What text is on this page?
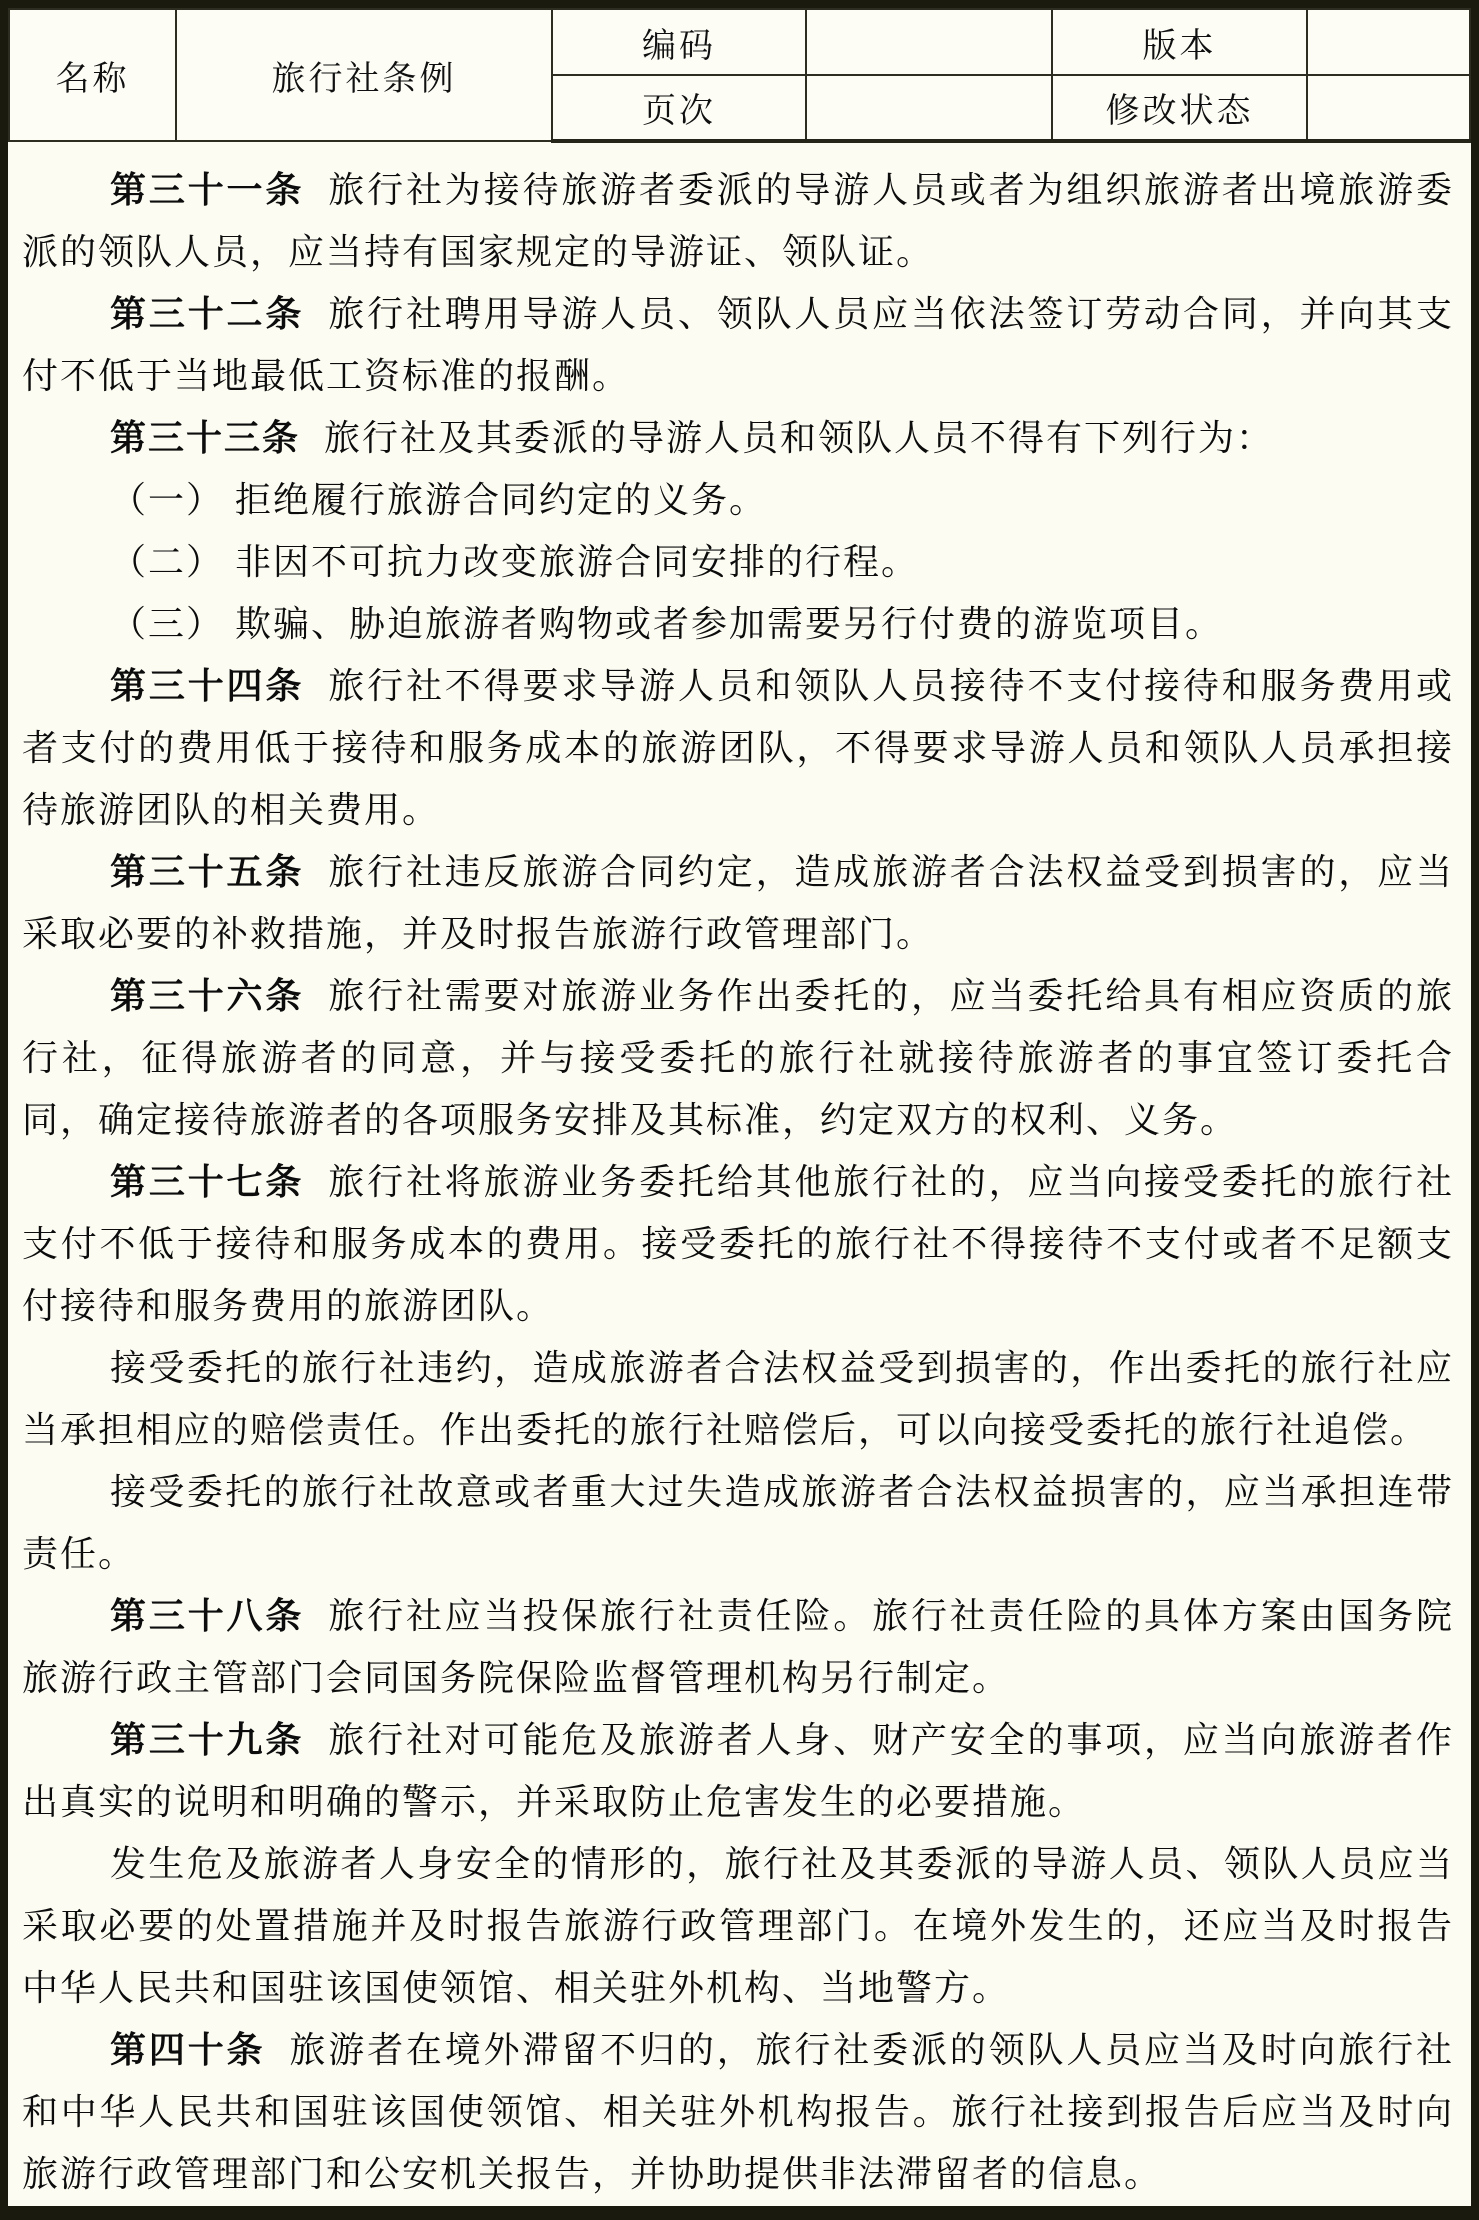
名称	旅行社条例	编码		版本	
		页次		修改状态	

第三十一条 旅行社为接待旅游者委派的导游人员或者为组织旅游者出境旅游委派的领队人员，应当持有国家规定的导游证、领队证。

第三十二条 旅行社聘用导游人员、领队人员应当依法签订劳动合同，并向其支付不低于当地最低工资标准的报酬。

第三十三条 旅行社及其委派的导游人员和领队人员不得有下列行为：

（一） 拒绝履行旅游合同约定的义务。

（二） 非因不可抗力改变旅游合同安排的行程。

（三） 欺骗、胁迫旅游者购物或者参加需要另行付费的游览项目。

第三十四条 旅行社不得要求导游人员和领队人员接待不支付接待和服务费用或者支付的费用低于接待和服务成本的旅游团队，不得要求导游人员和领队人员承担接待旅游团队的相关费用。

第三十五条 旅行社违反旅游合同约定，造成旅游者合法权益受到损害的，应当采取必要的补救措施，并及时报告旅游行政管理部门。

第三十六条 旅行社需要对旅游业务作出委托的，应当委托给具有相应资质的旅行社，征得旅游者的同意，并与接受委托的旅行社就接待旅游者的事宜签订委托合同，确定接待旅游者的各项服务安排及其标准，约定双方的权利、义务。

第三十七条 旅行社将旅游业务委托给其他旅行社的，应当向接受委托的旅行社支付不低于接待和服务成本的费用。接受委托的旅行社不得接待不支付或者不足额支付接待和服务费用的旅游团队。

接受委托的旅行社违约，造成旅游者合法权益受到损害的，作出委托的旅行社应当承担相应的赔偿责任。作出委托的旅行社赔偿后，可以向接受委托的旅行社追偿。

接受委托的旅行社故意或者重大过失造成旅游者合法权益损害的，应当承担连带责任。

第三十八条 旅行社应当投保旅行社责任险。旅行社责任险的具体方案由国务院旅游行政主管部门会同国务院保险监督管理机构另行制定。

第三十九条 旅行社对可能危及旅游者人身、财产安全的事项，应当向旅游者作出真实的说明和明确的警示，并采取防止危害发生的必要措施。

发生危及旅游者人身安全的情形的，旅行社及其委派的导游人员、领队人员应当采取必要的处置措施并及时报告旅游行政管理部门。在境外发生的，还应当及时报告中华人民共和国驻该国使领馆、相关驻外机构、当地警方。

第四十条 旅游者在境外滞留不归的，旅行社委派的领队人员应当及时向旅行社和中华人民共和国驻该国使领馆、相关驻外机构报告。旅行社接到报告后应当及时向旅游行政管理部门和公安机关报告，并协助提供非法滞留者的信息。
